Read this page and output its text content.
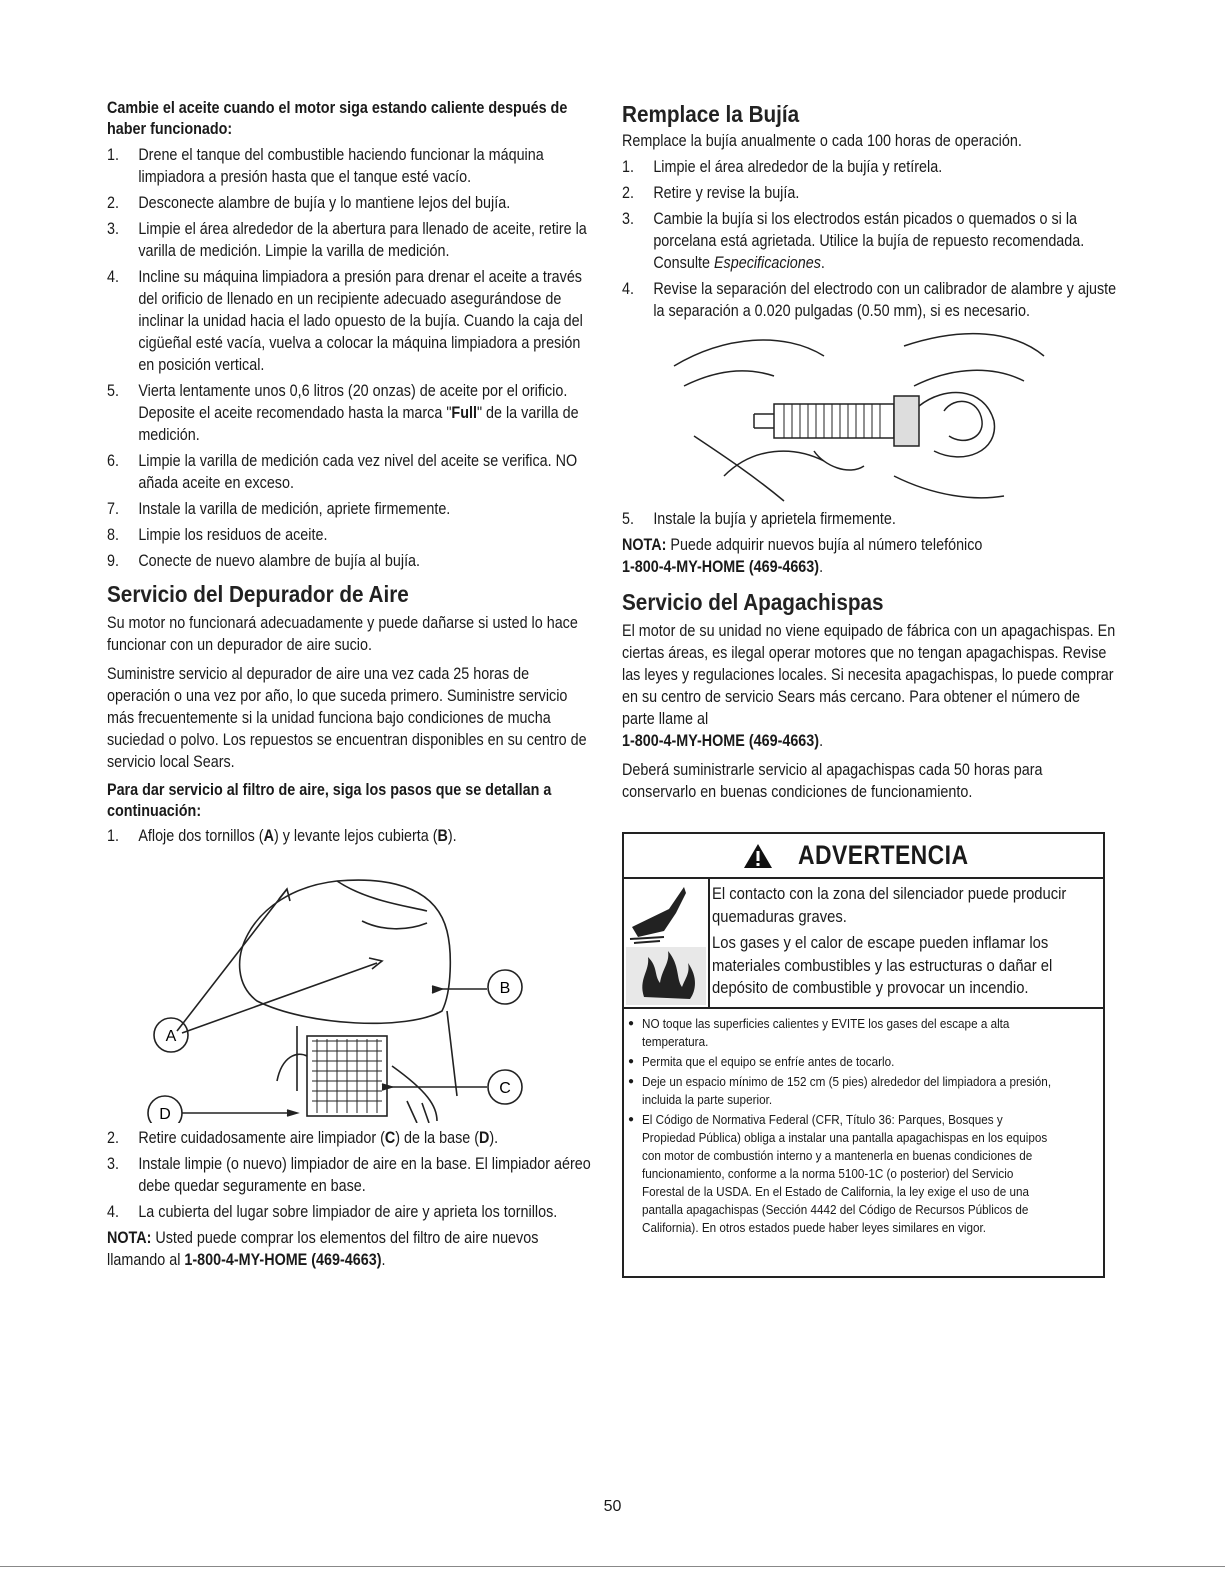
Cambie el aceite cuando el motor siga estando caliente después de haber funcionado:
1.	Drene el tanque del combustible haciendo funcionar la máquina limpiadora a presión hasta que el tanque esté vacío.
2.	Desconecte alambre de bujía y lo mantiene lejos del bujía.
3.	Limpie el área alrededor de la abertura para llenado de aceite, retire la varilla de medición. Limpie la varilla de medición.
4.	Incline su máquina limpiadora a presión para drenar el aceite a través del orificio de llenado en un recipiente adecuado asegurándose de inclinar la unidad hacia el lado opuesto de la bujía. Cuando la caja del cigüeñal esté vacía, vuelva a colocar la máquina limpiadora a presión en posición vertical.
5.	Vierta lentamente unos 0,6 litros (20 onzas) de aceite por el orificio. Deposite el aceite recomendado hasta la marca "Full" de la varilla de medición.
6.	Limpie la varilla de medición cada vez nivel del aceite se verifica. NO añada aceite en exceso.
7.	Instale la varilla de medición, apriete firmemente.
8.	Limpie los residuos de aceite.
9.	Conecte de nuevo alambre de bujía al bujía.
Servicio del Depurador de Aire

Su motor no funcionará adecuadamente y puede dañarse si usted lo hace funcionar con un depurador de aire sucio.

Suministre servicio al depurador de aire una vez cada 25 horas de operación o una vez por año, lo que suceda primero. Suministre servicio más frecuentemente si la unidad funciona bajo condiciones de mucha suciedad o polvo. Los repuestos se encuentran disponibles en su centro de servicio local Sears.

Para dar servicio al filtro de aire, siga los pasos que se detallan a continuación:

1.	Afloje dos tornillos (A) y levante lejos cubierta (B).
A
B
C
D
2.	Retire cuidadosamente aire limpiador (C) de la base (D).
3.	Instale limpie (o nuevo) limpiador de aire en la base. El limpiador aéreo debe quedar seguramente en base.
4.	La cubierta del lugar sobre limpiador de aire y aprieta los tornillos.

NOTA: Usted puede comprar los elementos del filtro de aire nuevos llamando al 1-800-4-MY-HOME (469-4663).

Remplace la Bujía

Remplace la bujía anualmente o cada 100 horas de operación.

1.	Limpie el área alrededor de la bujía y retírela.
2.	Retire y revise la bujía.
3.	Cambie la bujía si los electrodos están picados o quemados o si la porcelana está agrietada. Utilice la bujía de repuesto recomendada. Consulte Especificaciones.
4.	Revise la separación del electrodo con un calibrador de alambre y ajuste la separación a 0.020 pulgadas (0.50 mm), si es necesario.
5.	Instale la bujía y aprietela firmemente.

NOTA: Puede adquirir nuevos bujía al número telefónico
1-800-4-MY-HOME (469-4663).

Servicio del Apagachispas

El motor de su unidad no viene equipado de fábrica con un apagachispas. En ciertas áreas, es ilegal operar motores que no tengan apagachispas. Revise las leyes y regulaciones locales. Si necesita apagachispas, lo puede comprar en su centro de servicio Sears más cercano. Para obtener el número de parte llame al
1-800-4-MY-HOME (469-4663).

Deberá suministrarle servicio al apagachispas cada 50 horas para conservarlo en buenas condiciones de funcionamiento.

ADVERTENCIA

El contacto con la zona del silenciador puede producir quemaduras graves.

Los gases y el calor de escape pueden inflamar los materiales combustibles y las estructuras o dañar el depósito de combustible y provocar un incendio.

● NO toque las superficies calientes y EVITE los gases del escape a alta temperatura.
● Permita que el equipo se enfríe antes de tocarlo.
● Deje un espacio mínimo de 152 cm (5 pies) alrededor del limpiadora a presión, incluida la parte superior.
● El Código de Normativa Federal (CFR, Título 36: Parques, Bosques y Propiedad Pública) obliga a instalar una pantalla apagachispas en los equipos con motor de combustión interno y a mantenerla en buenas condiciones de funcionamiento, conforme a la norma 5100-1C (o posterior) del Servicio Forestal de la USDA. En el Estado de California, la ley exige el uso de una pantalla apagachispas (Sección 4442 del Código de Recursos Públicos de California). En otros estados puede haber leyes similares en vigor.
50
